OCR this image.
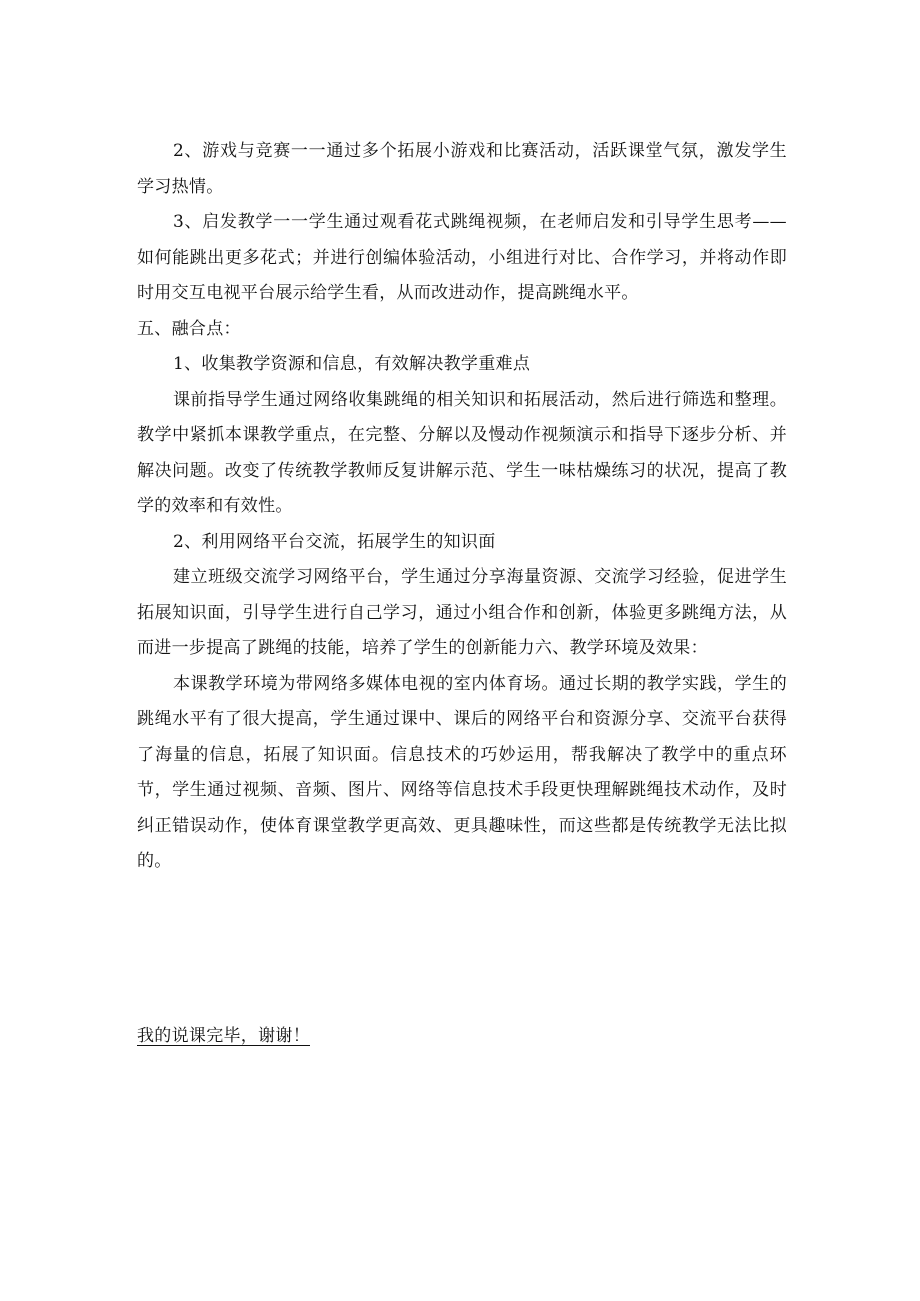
2、游戏与竞赛一一通过多个拓展小游戏和比赛活动，活跃课堂气氛，激发学生学习热情。

3、启发教学一一学生通过观看花式跳绳视频，在老师启发和引导学生思考——如何能跳出更多花式；并进行创编体验活动，小组进行对比、合作学习，并将动作即时用交互电视平台展示给学生看，从而改进动作，提高跳绳水平。

五、融合点：

1、收集教学资源和信息，有效解决教学重难点

课前指导学生通过网络收集跳绳的相关知识和拓展活动，然后进行筛选和整理。教学中紧抓本课教学重点，在完整、分解以及慢动作视频演示和指导下逐步分析、并解决问题。改变了传统教学教师反复讲解示范、学生一味枯燥练习的状况，提高了教学的效率和有效性。

2、利用网络平台交流，拓展学生的知识面

建立班级交流学习网络平台，学生通过分享海量资源、交流学习经验，促进学生拓展知识面，引导学生进行自己学习，通过小组合作和创新，体验更多跳绳方法，从而进一步提高了跳绳的技能，培养了学生的创新能力六、教学环境及效果：

本课教学环境为带网络多媒体电视的室内体育场。通过长期的教学实践，学生的跳绳水平有了很大提高，学生通过课中、课后的网络平台和资源分享、交流平台获得了海量的信息，拓展了知识面。信息技术的巧妙运用，帮我解决了教学中的重点环节，学生通过视频、音频、图片、网络等信息技术手段更快理解跳绳技术动作，及时纠正错误动作，使体育课堂教学更高效、更具趣味性，而这些都是传统教学无法比拟的。

我的说课完毕，谢谢！
